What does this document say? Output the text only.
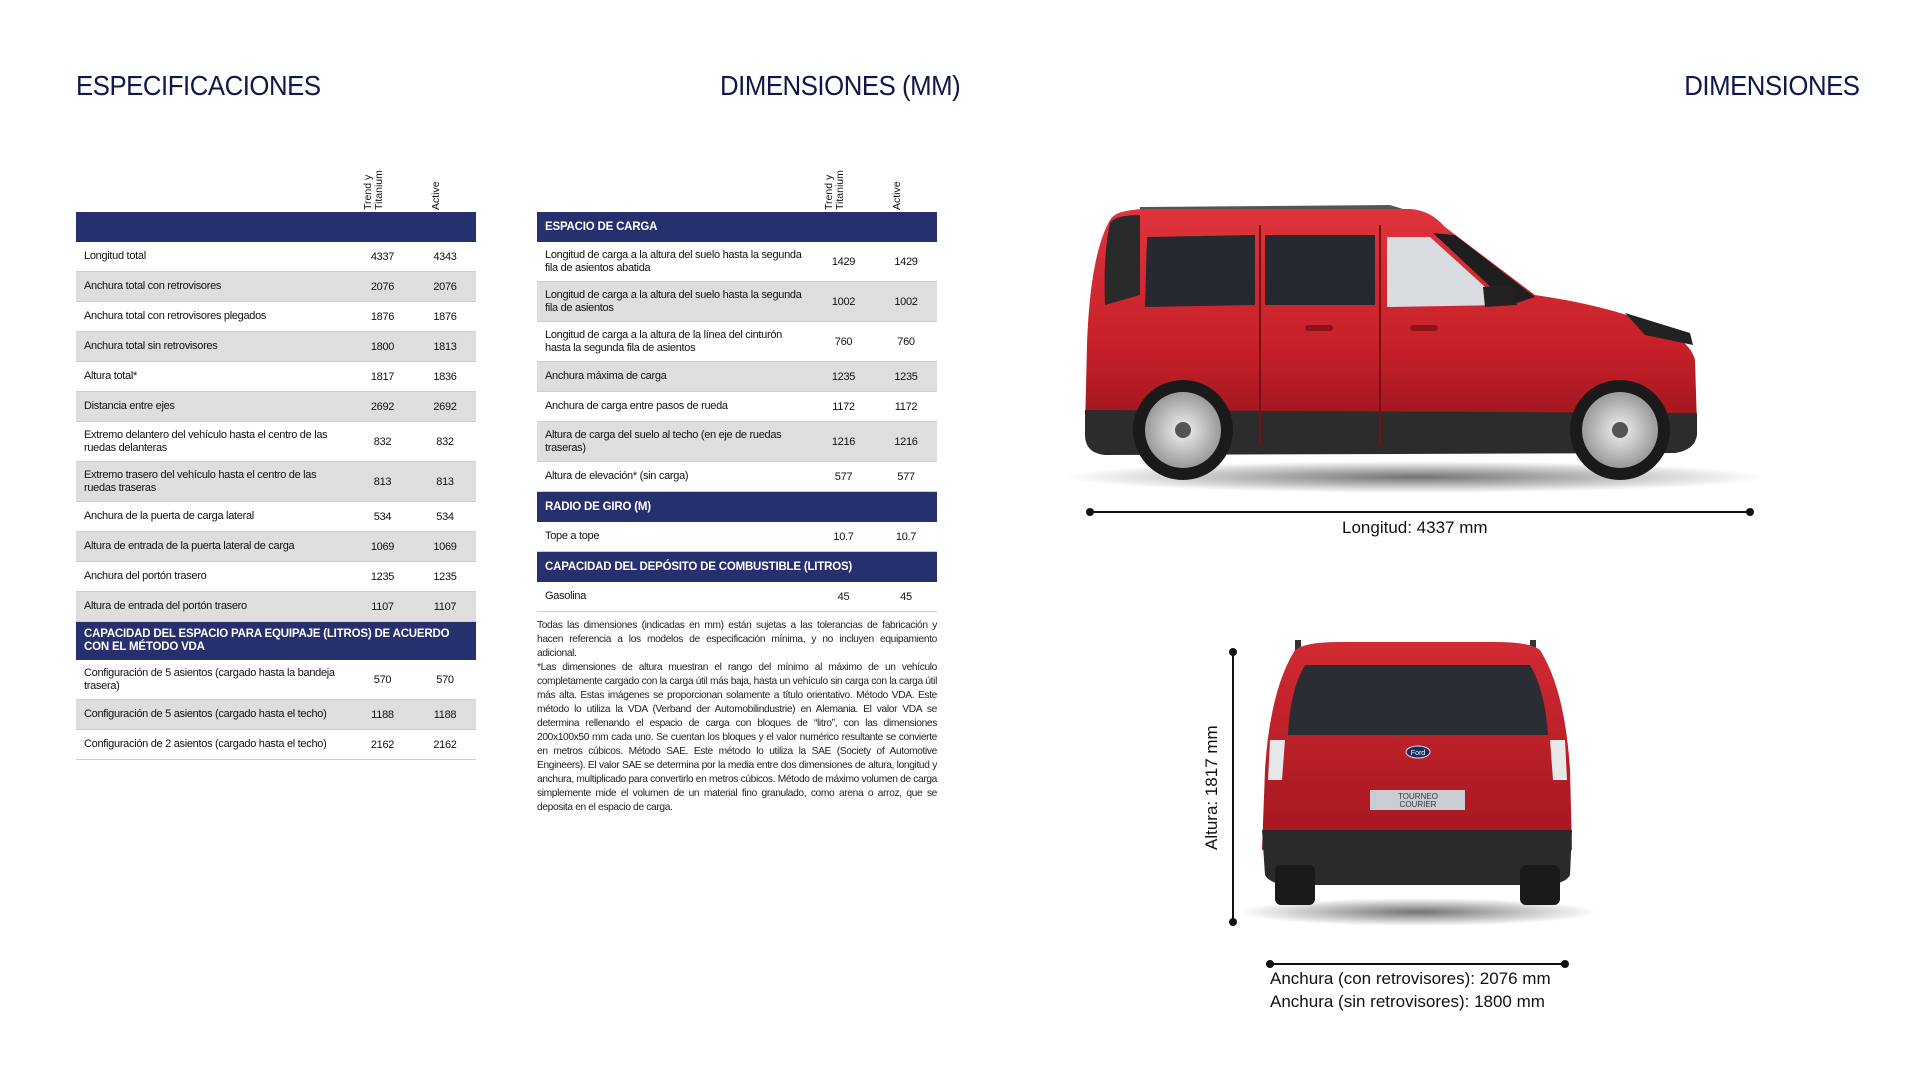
ESPECIFICACIONES	DIMENSIONES (MM)	DIMENSIONES
Trend y
Titanium	Active
Longitud total	4337	4343
Anchura total con retrovisores	2076	2076
Anchura total con retrovisores plegados	1876	1876
Anchura total sin retrovisores	1800	1813
Altura total*	1817	1836
Distancia entre ejes	2692	2692
Extremo delantero del vehículo hasta el centro de las ruedas delanteras	832	832
Extremo trasero del vehículo hasta el centro de las ruedas traseras	813	813
Anchura de la puerta de carga lateral	534	534
Altura de entrada de la puerta lateral de carga	1069	1069
Anchura del portón trasero	1235	1235
Altura de entrada del portón trasero	1107	1107
CAPACIDAD DEL ESPACIO PARA EQUIPAJE (LITROS) DE ACUERDO CON EL MÉTODO VDA
Configuración de 5 asientos (cargado hasta la bandeja trasera)	570	570
Configuración de 5 asientos (cargado hasta el techo)	1188	1188
Configuración de 2 asientos (cargado hasta el techo)	2162	2162
Trend y
Titanium	Active
ESPACIO DE CARGA
Longitud de carga a la altura del suelo hasta la segunda fila de asientos abatida	1429	1429
Longitud de carga a la altura del suelo hasta la segunda fila de asientos	1002	1002
Longitud de carga a la altura de la línea del cinturón hasta la segunda fila de asientos	760	760
Anchura máxima de carga	1235	1235
Anchura de carga entre pasos de rueda	1172	1172
Altura de carga del suelo al techo (en eje de ruedas traseras)	1216	1216
Altura de elevación* (sin carga)	577	577
RADIO DE GIRO (M)
Tope a tope	10.7	10.7
CAPACIDAD DEL DEPÓSITO DE COMBUSTIBLE (LITROS)
Gasolina	45	45

Todas las dimensiones (indicadas en mm) están sujetas a las tolerancias de fabricación y hacen referencia a los modelos de especificación mínima, y no incluyen equipamiento adicional.

*Las dimensiones de altura muestran el rango del mínimo al máximo de un vehículo completamente cargado con la carga útil más baja, hasta un vehículo sin carga con la carga útil más alta. Estas imágenes se proporcionan solamente a título orientativo. Método VDA. Este método lo utiliza la VDA (Verband der Automobilindustrie) en Alemania. El valor VDA se determina rellenando el espacio de carga con bloques de “litro”, con las dimensiones 200x100x50 mm cada uno. Se cuentan los bloques y el valor numérico resultante se convierte en metros cúbicos. Método SAE. Este método lo utiliza la SAE (Society of Automotive Engineers). El valor SAE se determina por la media entre dos dimensiones de altura, longitud y anchura, multiplicado para convertirlo en metros cúbicos. Método de máximo volumen de carga simplemente mide el volumen de un material fino granulado, como arena o arroz, que se deposita en el espacio de carga.

Longitud: 4337 mm
Ford
TOURNEO
COURIER
Altura: 1817 mm
Anchura (con retrovisores): 2076 mm
Anchura (sin retrovisores): 1800 mm
